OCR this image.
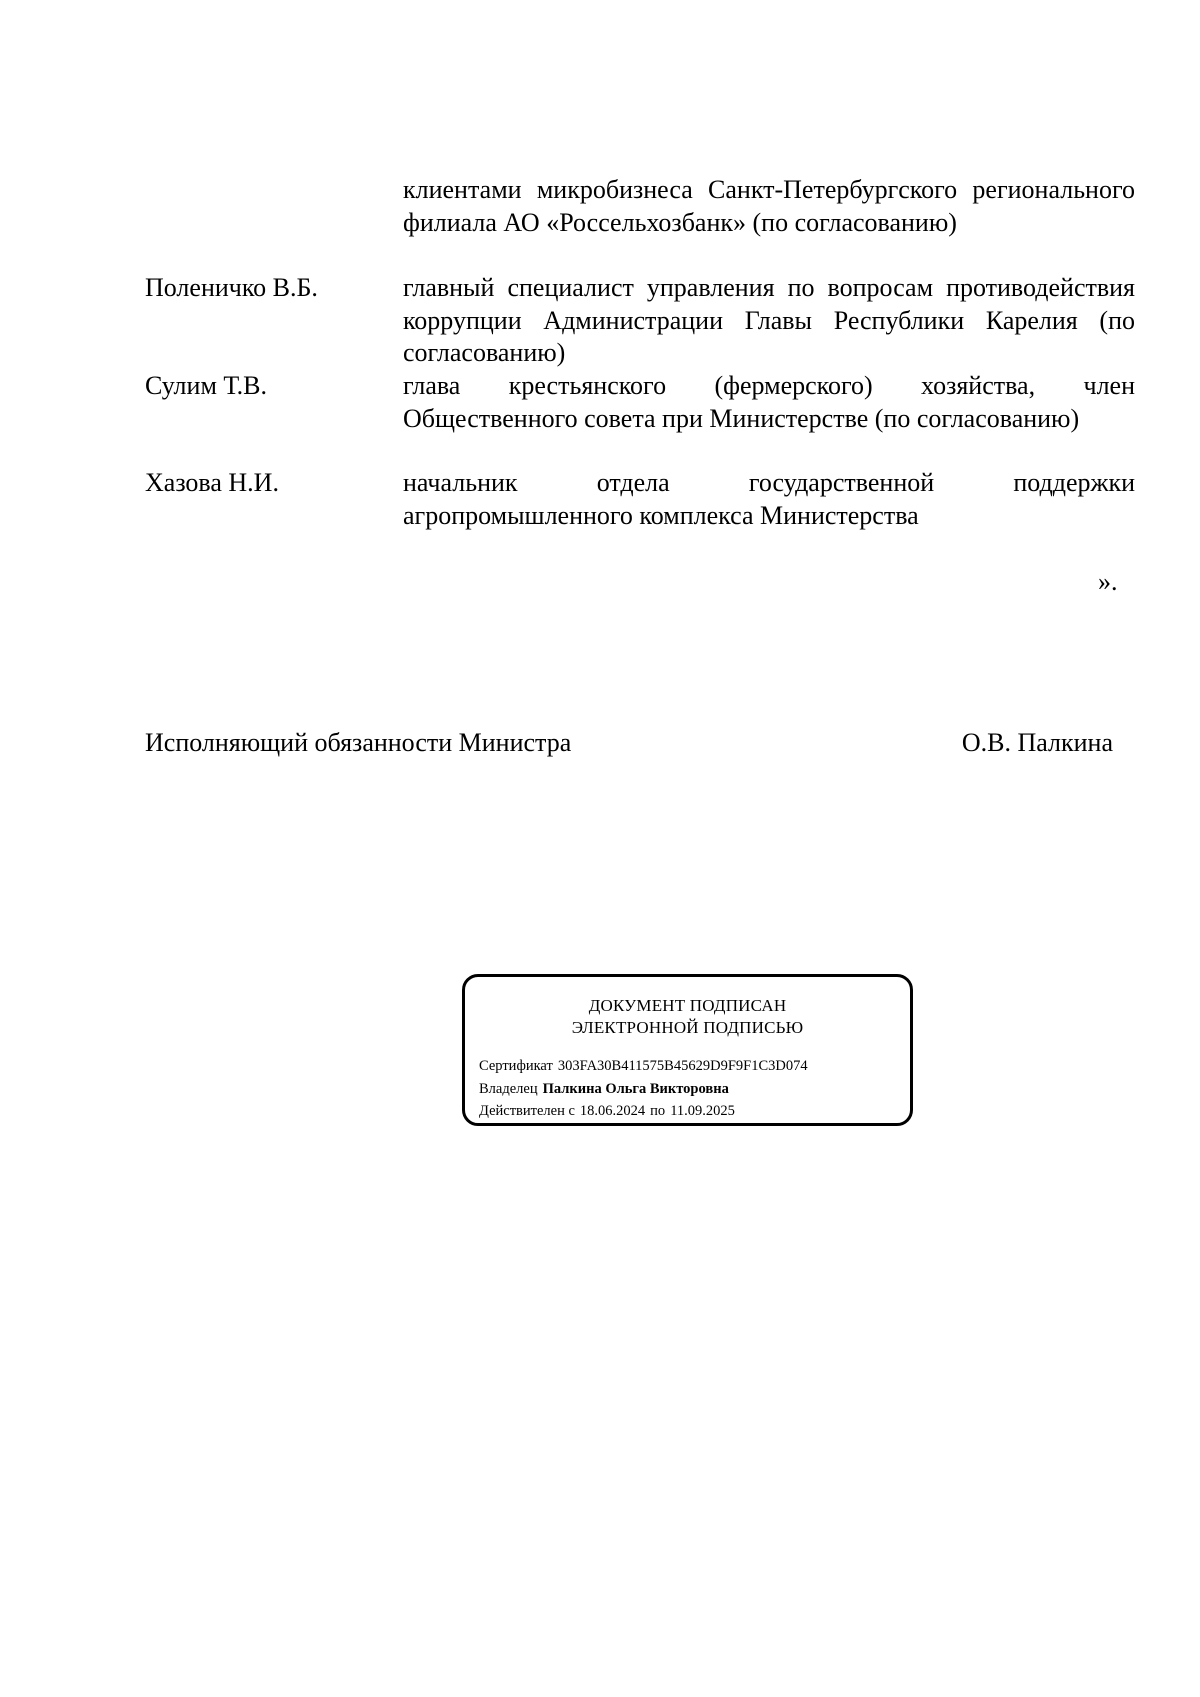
клиентами микробизнеса Санкт-Петербургского регионального филиала АО «Россельхозбанк» (по согласованию)
Поленичко В.Б.	главный специалист управления по вопросам противодействия коррупции Администрации Главы Республики Карелия (по согласованию)
Сулим Т.В.	глава крестьянского (фермерского) хозяйства, член Общественного совета при Министерстве (по согласованию)
Хазова Н.И.	начальник отдела государственной поддержки агропромышленного комплекса Министерства
».
Исполняющий обязанности Министра	О.В. Палкина
ДОКУМЕНТ ПОДПИСАН
ЭЛЕКТРОННОЙ ПОДПИСЬЮ
Сертификат 303FA30B411575B45629D9F9F1C3D074
Владелец Палкина Ольга Викторовна
Действителен с 18.06.2024 по 11.09.2025
